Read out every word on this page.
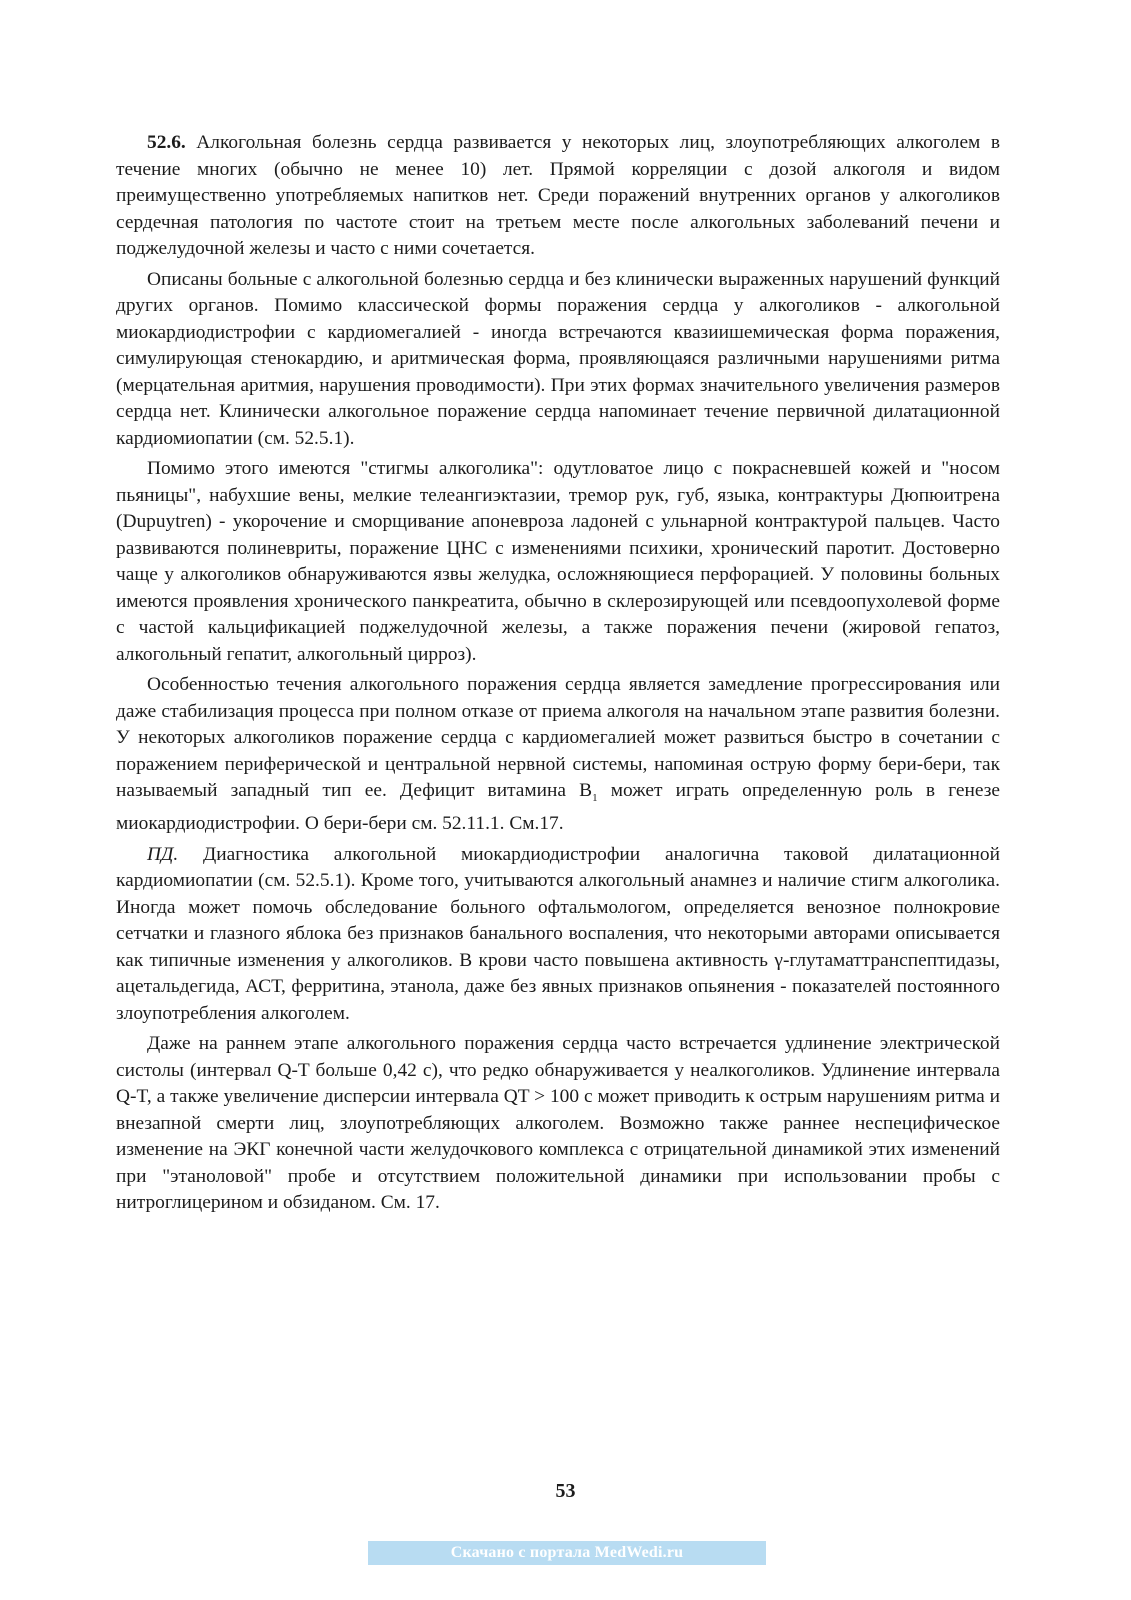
52.6. Алкогольная болезнь сердца развивается у некоторых лиц, злоупотребляющих алкоголем в течение многих (обычно не менее 10) лет. Прямой корреляции с дозой алкоголя и видом преимущественно употребляемых напитков нет. Среди поражений внутренних органов у алкоголиков сердечная патология по частоте стоит на третьем месте после алкогольных заболеваний печени и поджелудочной железы и часто с ними сочетается.

Описаны больные с алкогольной болезнью сердца и без клинически выраженных нарушений функций других органов. Помимо классической формы поражения сердца у алкоголиков - алкогольной миокардиодистрофии с кардиомегалией - иногда встречаются квазиишемическая форма поражения, симулирующая стенокардию, и аритмическая форма, проявляющаяся различными нарушениями ритма (мерцательная аритмия, нарушения проводимости). При этих формах значительного увеличения размеров сердца нет. Клинически алкогольное поражение сердца напоминает течение первичной дилатационной кардиомиопатии (см. 52.5.1).

Помимо этого имеются "стигмы алкоголика": одутловатое лицо с покрасневшей кожей и "носом пьяницы", набухшие вены, мелкие телеангиэктазии, тремор рук, губ, языка, контрактуры Дюпюитрена (Dupuytren) - укорочение и сморщивание апоневроза ладоней с ульнарной контрактурой пальцев. Часто развиваются полиневриты, поражение ЦНС с изменениями психики, хронический паротит. Достоверно чаще у алкоголиков обнаруживаются язвы желудка, осложняющиеся перфорацией. У половины больных имеются проявления хронического панкреатита, обычно в склерозирующей или псевдоопухолевой форме с частой кальцификацией поджелудочной железы, а также поражения печени (жировой гепатоз, алкогольный гепатит, алкогольный цирроз).

Особенностью течения алкогольного поражения сердца является замедление прогрессирования или даже стабилизация процесса при полном отказе от приема алкоголя на начальном этапе развития болезни. У некоторых алкоголиков поражение сердца с кардиомегалией может развиться быстро в сочетании с поражением периферической и центральной нервной системы, напоминая острую форму бери-бери, так называемый западный тип ее. Дефицит витамина $В_1$ может играть определенную роль в генезе миокардиодистрофии. О бери-бери см. 52.11.1. См.17.

ПД. Диагностика алкогольной миокардиодистрофии аналогична таковой дилатационной кардиомиопатии (см. 52.5.1). Кроме того, учитываются алкогольный анамнез и наличие стигм алкоголика. Иногда может помочь обследование больного офтальмологом, определяется венозное полнокровие сетчатки и глазного яблока без признаков банального воспаления, что некоторыми авторами описывается как типичные изменения у алкоголиков. В крови часто повышена активность γ-глутаматтранспептидазы, ацетальдегида, АСТ, ферритина, этанола, даже без явных признаков опьянения - показателей постоянного злоупотребления алкоголем.

Даже на раннем этапе алкогольного поражения сердца часто встречается удлинение электрической систолы (интервал Q-T больше 0,42 с), что редко обнаруживается у неалкоголиков. Удлинение интервала Q-T, а также увеличение дисперсии интервала QT > 100 с может приводить к острым нарушениям ритма и внезапной смерти лиц, злоупотребляющих алкоголем. Возможно также раннее неспецифическое изменение на ЭКГ конечной части желудочкового комплекса с отрицательной динамикой этих изменений при "этаноловой" пробе и отсутствием положительной динамики при использовании пробы с нитроглицерином и обзиданом. См. 17.

53
Скачано с портала MedWedi.ru
